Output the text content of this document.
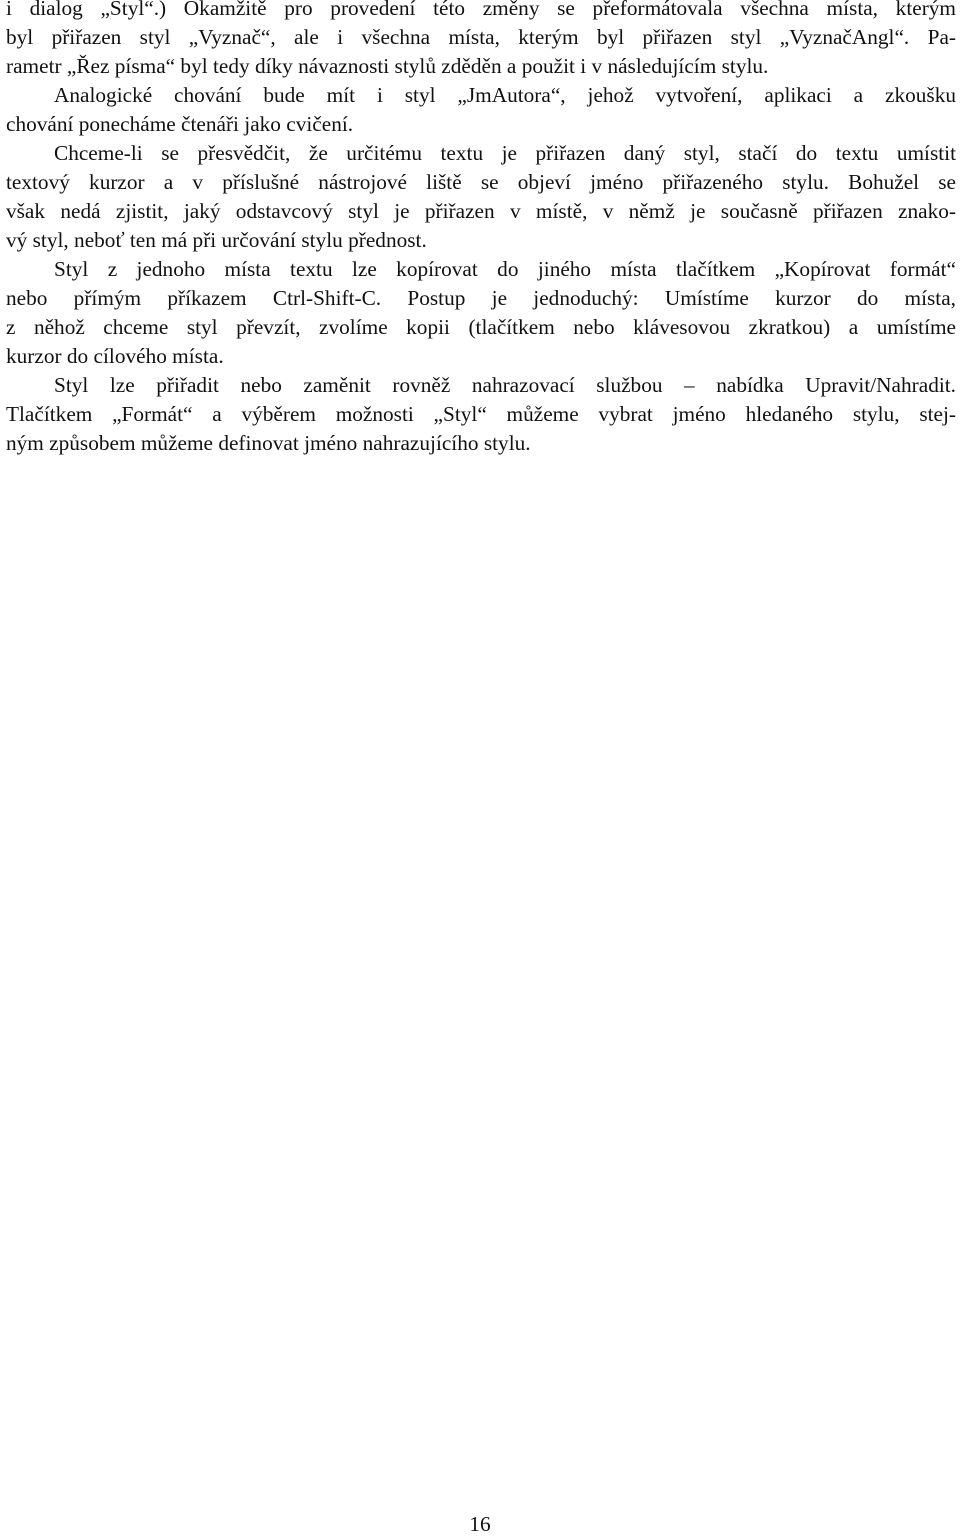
i dialog „Styl“.) Okamžitě pro provedení této změny se přeformátovala všechna místa, kterým
byl přiřazen styl „Vyznač“, ale i všechna místa, kterým byl přiřazen styl „VyznačAngl“. Pa-
rametr „Řez písma“ byl tedy díky návaznosti stylů zděděn a použit i v následujícím stylu.
Analogické chování bude mít i styl „JmAutora“, jehož vytvoření, aplikaci a zkoušku
chování ponecháme čtenáři jako cvičení.
Chceme-li se přesvědčit, že určitému textu je přiřazen daný styl, stačí do textu umístit
textový kurzor a v příslušné nástrojové liště se objeví jméno přiřazeného stylu. Bohužel se
však nedá zjistit, jaký odstavcový styl je přiřazen v místě, v němž je současně přiřazen znako-
vý styl, neboť ten má při určování stylu přednost.
Styl z jednoho místa textu lze kopírovat do jiného místa tlačítkem „Kopírovat formát“
nebo přímým příkazem Ctrl-Shift-C. Postup je jednoduchý: Umístíme kurzor do místa,
z něhož chceme styl převzít, zvolíme kopii (tlačítkem nebo klávesovou zkratkou) a umístíme
kurzor do cílového místa.
Styl lze přiřadit nebo zaměnit rovněž nahrazovací službou – nabídka Upravit/Nahradit.
Tlačítkem „Formát“ a výběrem možnosti „Styl“ můžeme vybrat jméno hledaného stylu, stej-
ným způsobem můžeme definovat jméno nahrazujícího stylu.
16
